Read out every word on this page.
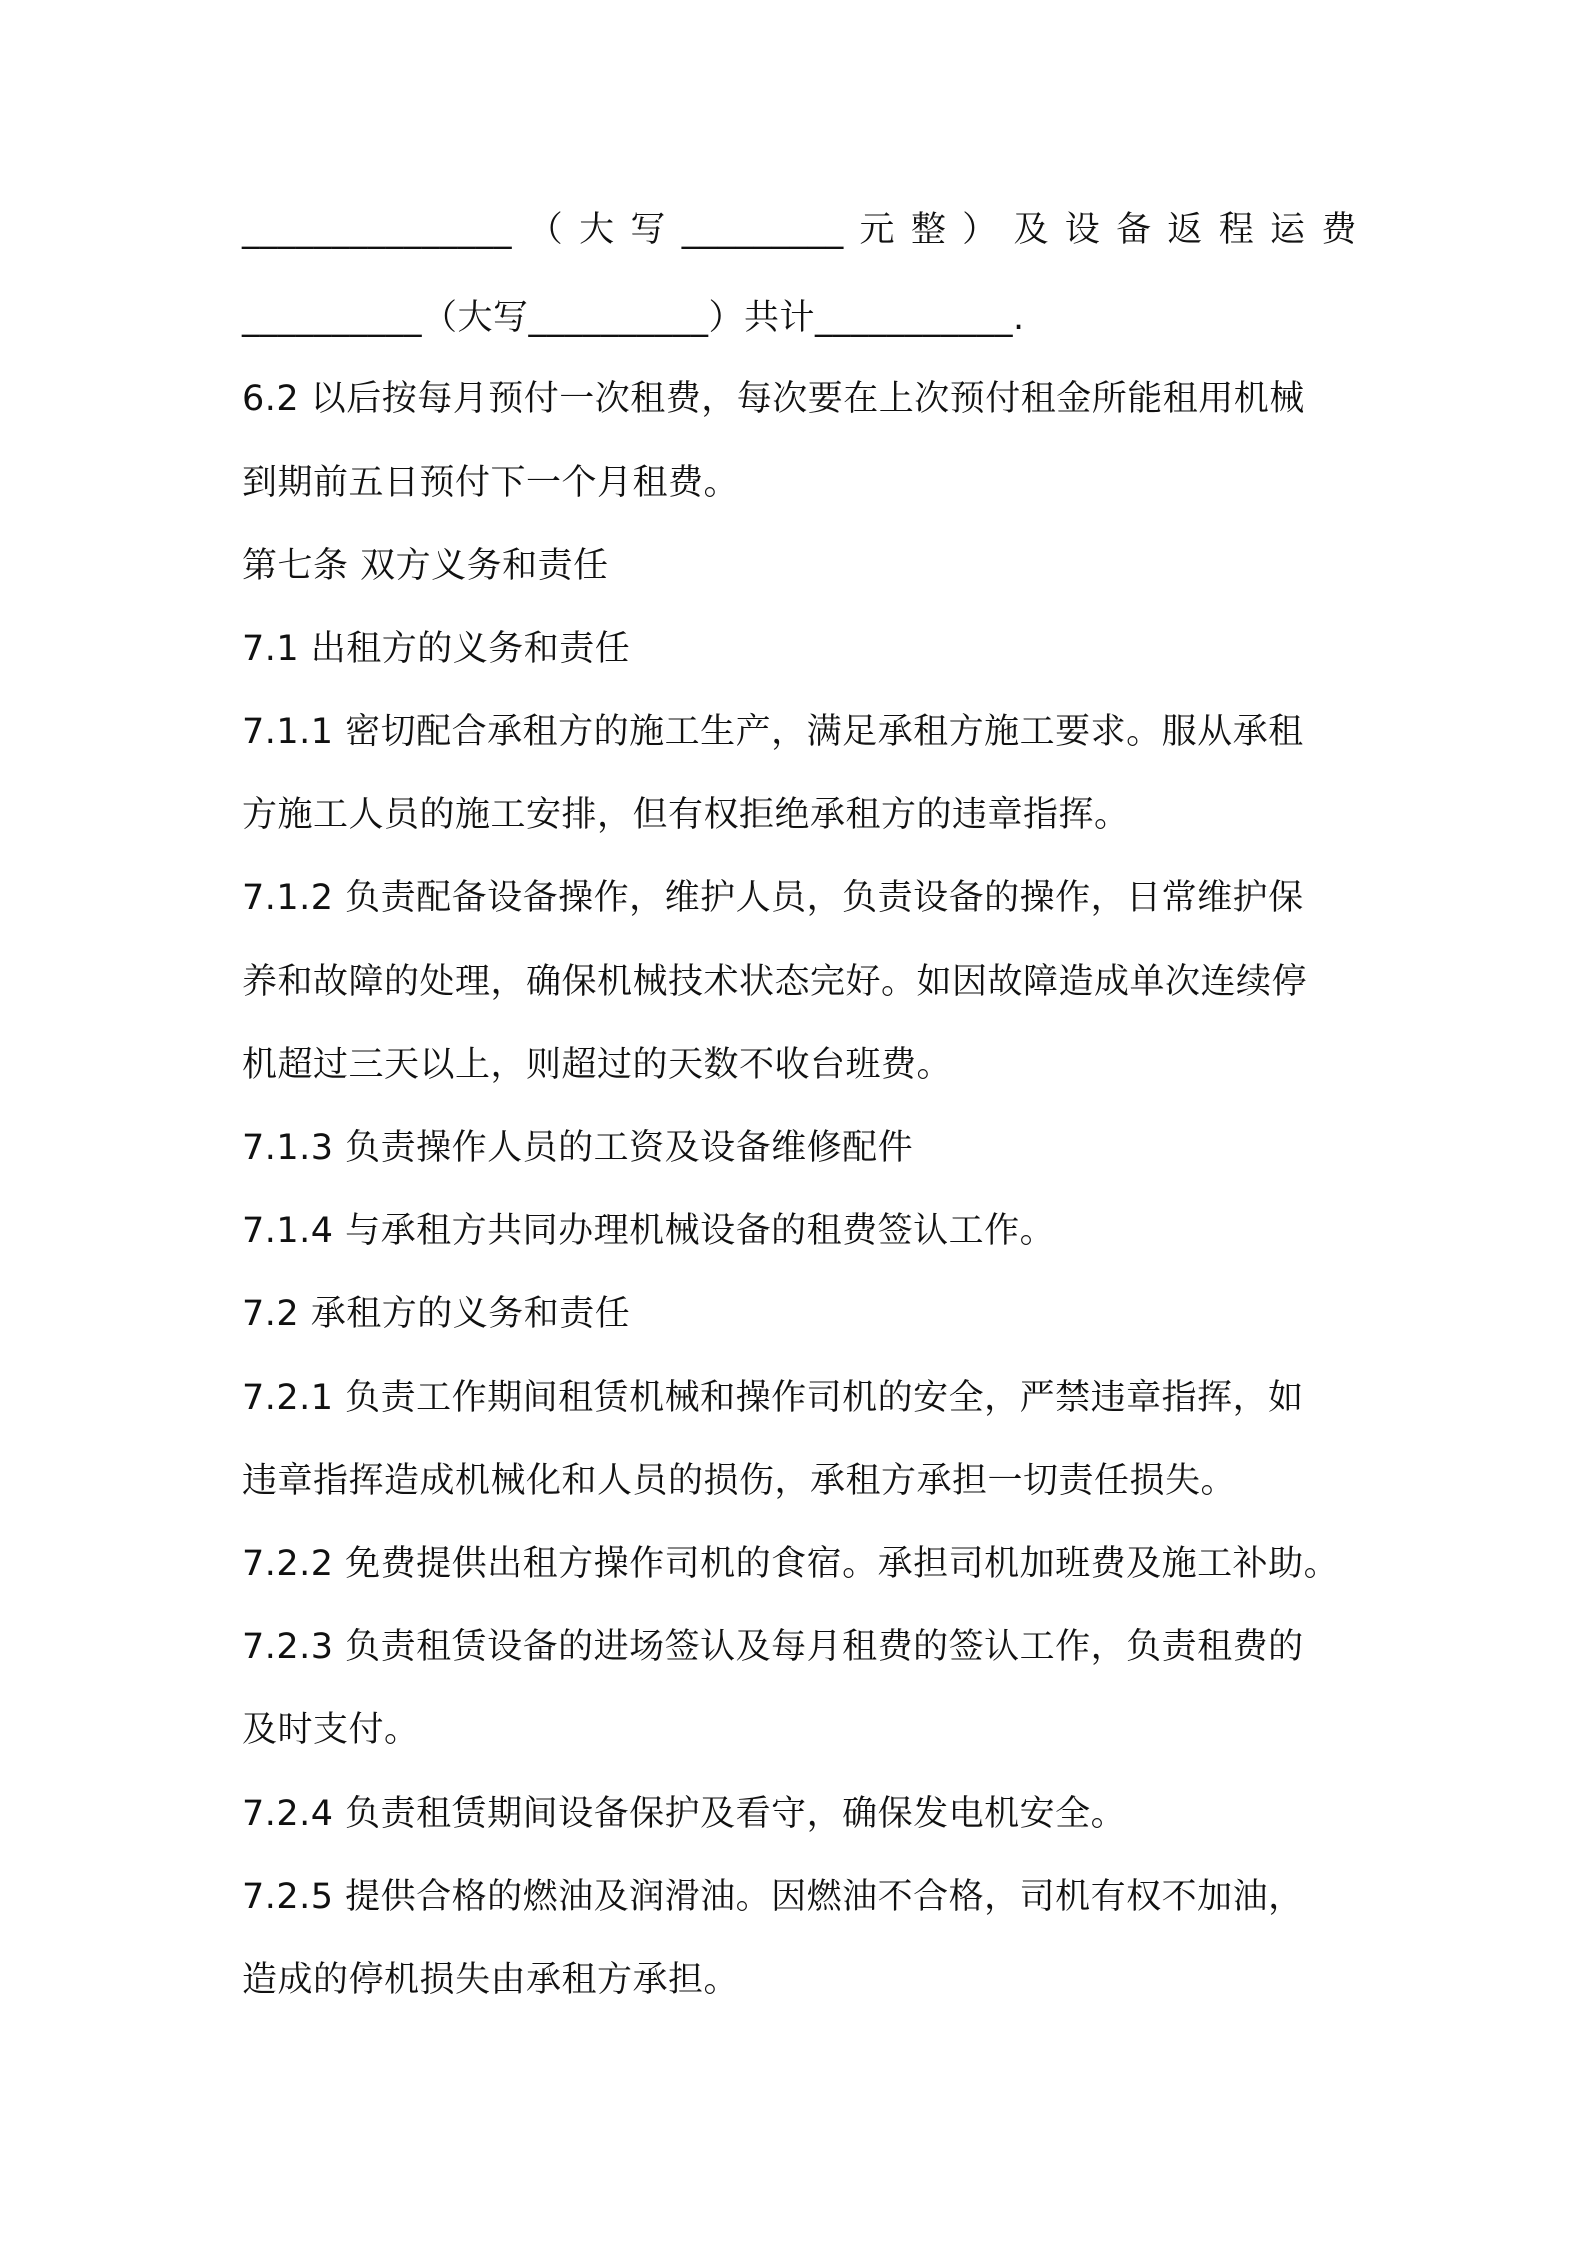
_______________ （ 大 写 _________ 元 整 ） 及 设 备 返 程 运 费
__________（大写__________）共计___________.
6.2 以后按每月预付一次租费，每次要在上次预付租金所能租用机械
到期前五日预付下一个月租费。
第七条 双方义务和责任
7.1 出租方的义务和责任
7.1.1 密切配合承租方的施工生产，满足承租方施工要求。服从承租
方施工人员的施工安排，但有权拒绝承租方的违章指挥。
7.1.2 负责配备设备操作，维护人员，负责设备的操作，日常维护保
养和故障的处理，确保机械技术状态完好。如因故障造成单次连续停
机超过三天以上，则超过的天数不收台班费。
7.1.3 负责操作人员的工资及设备维修配件
7.1.4 与承租方共同办理机械设备的租费签认工作。
7.2 承租方的义务和责任
7.2.1 负责工作期间租赁机械和操作司机的安全，严禁违章指挥，如
违章指挥造成机械化和人员的损伤，承租方承担一切责任损失。
7.2.2 免费提供出租方操作司机的食宿。承担司机加班费及施工补助。
7.2.3 负责租赁设备的进场签认及每月租费的签认工作，负责租费的
及时支付。
7.2.4 负责租赁期间设备保护及看守，确保发电机安全。
7.2.5 提供合格的燃油及润滑油。因燃油不合格，司机有权不加油，
造成的停机损失由承租方承担。
